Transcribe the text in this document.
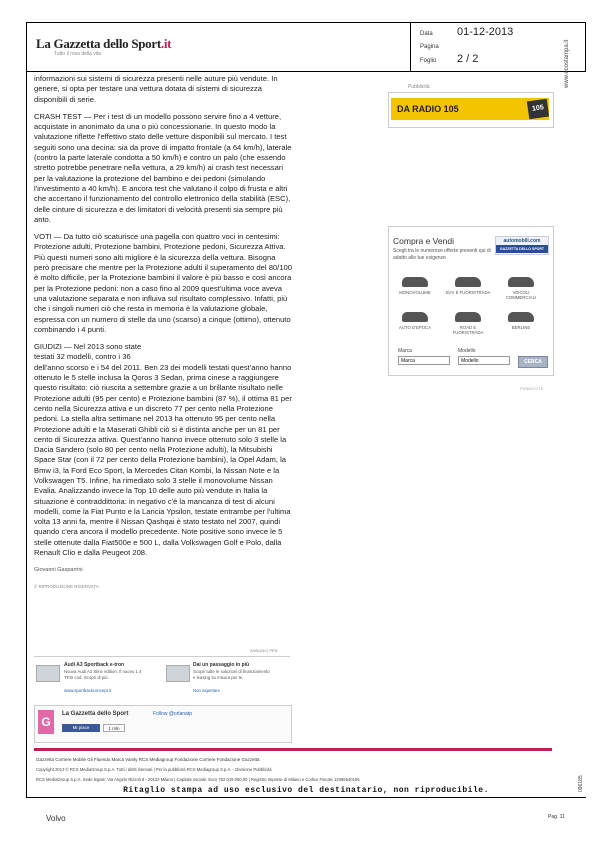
La Gazzetta dello Sport.it
Tutto il rosa della vita
Data 01-12-2013
Pagina
Foglio 2 / 2

informazioni sui sistemi di sicurezza presenti nelle auture più vendute. In genere, si opta per testare una vettura dotata di sistemi di sicurezza disponibili di serie.

CRASH TEST — Per i test di un modello possono servire fino a 4 vetture, acquistate in anonimato da una o più concessionarie. In questo modo la valutazione riflette l'effettivo stato delle vetture disponibili sul mercato. I test seguiti sono una decina: sia da prove di impatto frontale (a 64 km/h), laterale (contro la parte laterale condotta a 50 km/h) e contro un palo (che essendo stretto potrebbe penetrare nella vettura, a 29 km/h) ai crash test necessari per la valutazione la protezione del bambino e dei pedoni (simulando l'investimento a 40 km/h). E ancora test che valutano il colpo di frusta e altri che accertano il funzionamento del controllo elettronico della stabilità (ESC), delle cinture di sicurezza e dei limitatori di velocità presenti sia sempre più anto.

VOTI — Da tutto ciò scaturisce una pagella con quattro voci in centesimi: Protezione adulti, Protezione bambini, Protezione pedoni, Sicurezza Attiva. Più questi numeri sono alti migliore è la sicurezza della vettura. Bisogna però precisare che mentre per la Protezione adulti il superamento del 80/100 è molto difficile, per la Protezione bambini il valore è più basso e così ancora per la Protezione pedoni: non a caso fino al 2009 quest'ultima voce aveva una valutazione separata e non influiva sul risultato complessivo. Infatti, più che i singoli numeri ciò che resta in memoria è la valutazione globale, espressa con un numero di stelle da uno (scarso) a cinque (ottimo), ottenuto combinando i 4 punti.

GIUDIZI — Nel 2013 sono state
testati 32 modelli, contro i 36
dell'anno scorso e i 54 del 2011. Ben 23 dei modelli testati quest'anno hanno ottenuto le 5 stelle inclusa la Qoros 3 Sedan, prima cinese a raggiungere questo risultato: ciò riuscita a settembre grazie a un brillante risultato nelle Protezione adulti (95 per cento) e Protezione bambini (87 %), il ottima 81 per cento nella Sicurezza attiva e un discreto 77 per cento nella Protezione pedoni. La stella altra settimane nel 2013 ha ottenuto 95 per cento nella Protezione adulti e la Maserati Ghibli ciò si è distinta anche per un 81 per cento di Sicurezza attiva. Quest'anno hanno invece ottenuto solo 3 stelle la Dacia Sandero (solo 80 per cento nella Protezione adulti), la Mitsubishi Space Star (con il 72 per cento della Protezione bambini), la Opel Adam, la Bmw i3, la Ford Eco Sport, la Mercedes Citan Kombi, la Nissan Note e la Volkswagen T5. Infine, ha rimediato solo 3 stelle il monovolume Nissan Evalia. Analizzando invece la Top 10 delle auto più vendute in Italia la situazione è contraddittoria: in negativo c'è la mancanza di test di alcuni modelli, come la Fiat Punto e la Lancia Ypsilon, testate entrambe per l'ultima volta 13 anni fa, mentre il Nissan Qashqai è stato testato nel 2007, quindi quando c'era ancora il modello precedente. Note positive sono invece le 5 stelle ottenute dalla Fiat500e e 500 L, dalla Volkswagen Golf e Polo, dalla Renault Clio e dalla Peugeot 208.

Giovanni Gasparrini
© RIPRODUZIONE RISERVATA
Pubblicità
DA RADIO 105	105
Compra e Vendi
Scegli tra le numerose offerte presenti qui di adatto alle tue esigenze
automobili.com
GAZZETTA DELLO SPORT
MONOVOLUME	SUV E FUORISTRADA	VEICOLI COMMERCIALI
AUTO D'EPOCA	ROAD E FUORISTRADA
BERLINE
Marca
Marca
Modello
Modello	CERCA
PUBBLICITÀ
www.ecostampa.it
096185
ANNUNCI PER
Audi A3 Sportback e-tron
Nuova Audi A3 Sline edition. Il nuovo 1.4 TFSI cod. Scopri di più.
www.sportbackconcept.it
Dai un passaggio in più
Scopri tutte le soluzioni di finanziamento e leasing su misura per te.
Non aspettare
G
La Gazzetta dello Sport	Follow @orlanatp
Mi piace	1 mln
Gazzetta Corriere Mobile Gli Fluendo Marca Vanity RCS Mediagroup Fondazione Corriere Fondazione Gazzetta
Copyright 2013 © RCS MediaGroup S.p.A. Tutti i diritti riservati | Per la pubblicità RCS Mediagroup S.p.A. - Divisione Pubblicità
RCS MediaGroup S.p.A. Sede legale: Via Angelo Rizzoli 8 - 20132 Milano | Capitale sociale: Euro 762.019.050,00 | Registro Imprese di Milano e Codice Fiscale 12086540155
Ritaglio stampa ad uso esclusivo del destinatario, non riproducibile.
Volvo	Pag. 11
